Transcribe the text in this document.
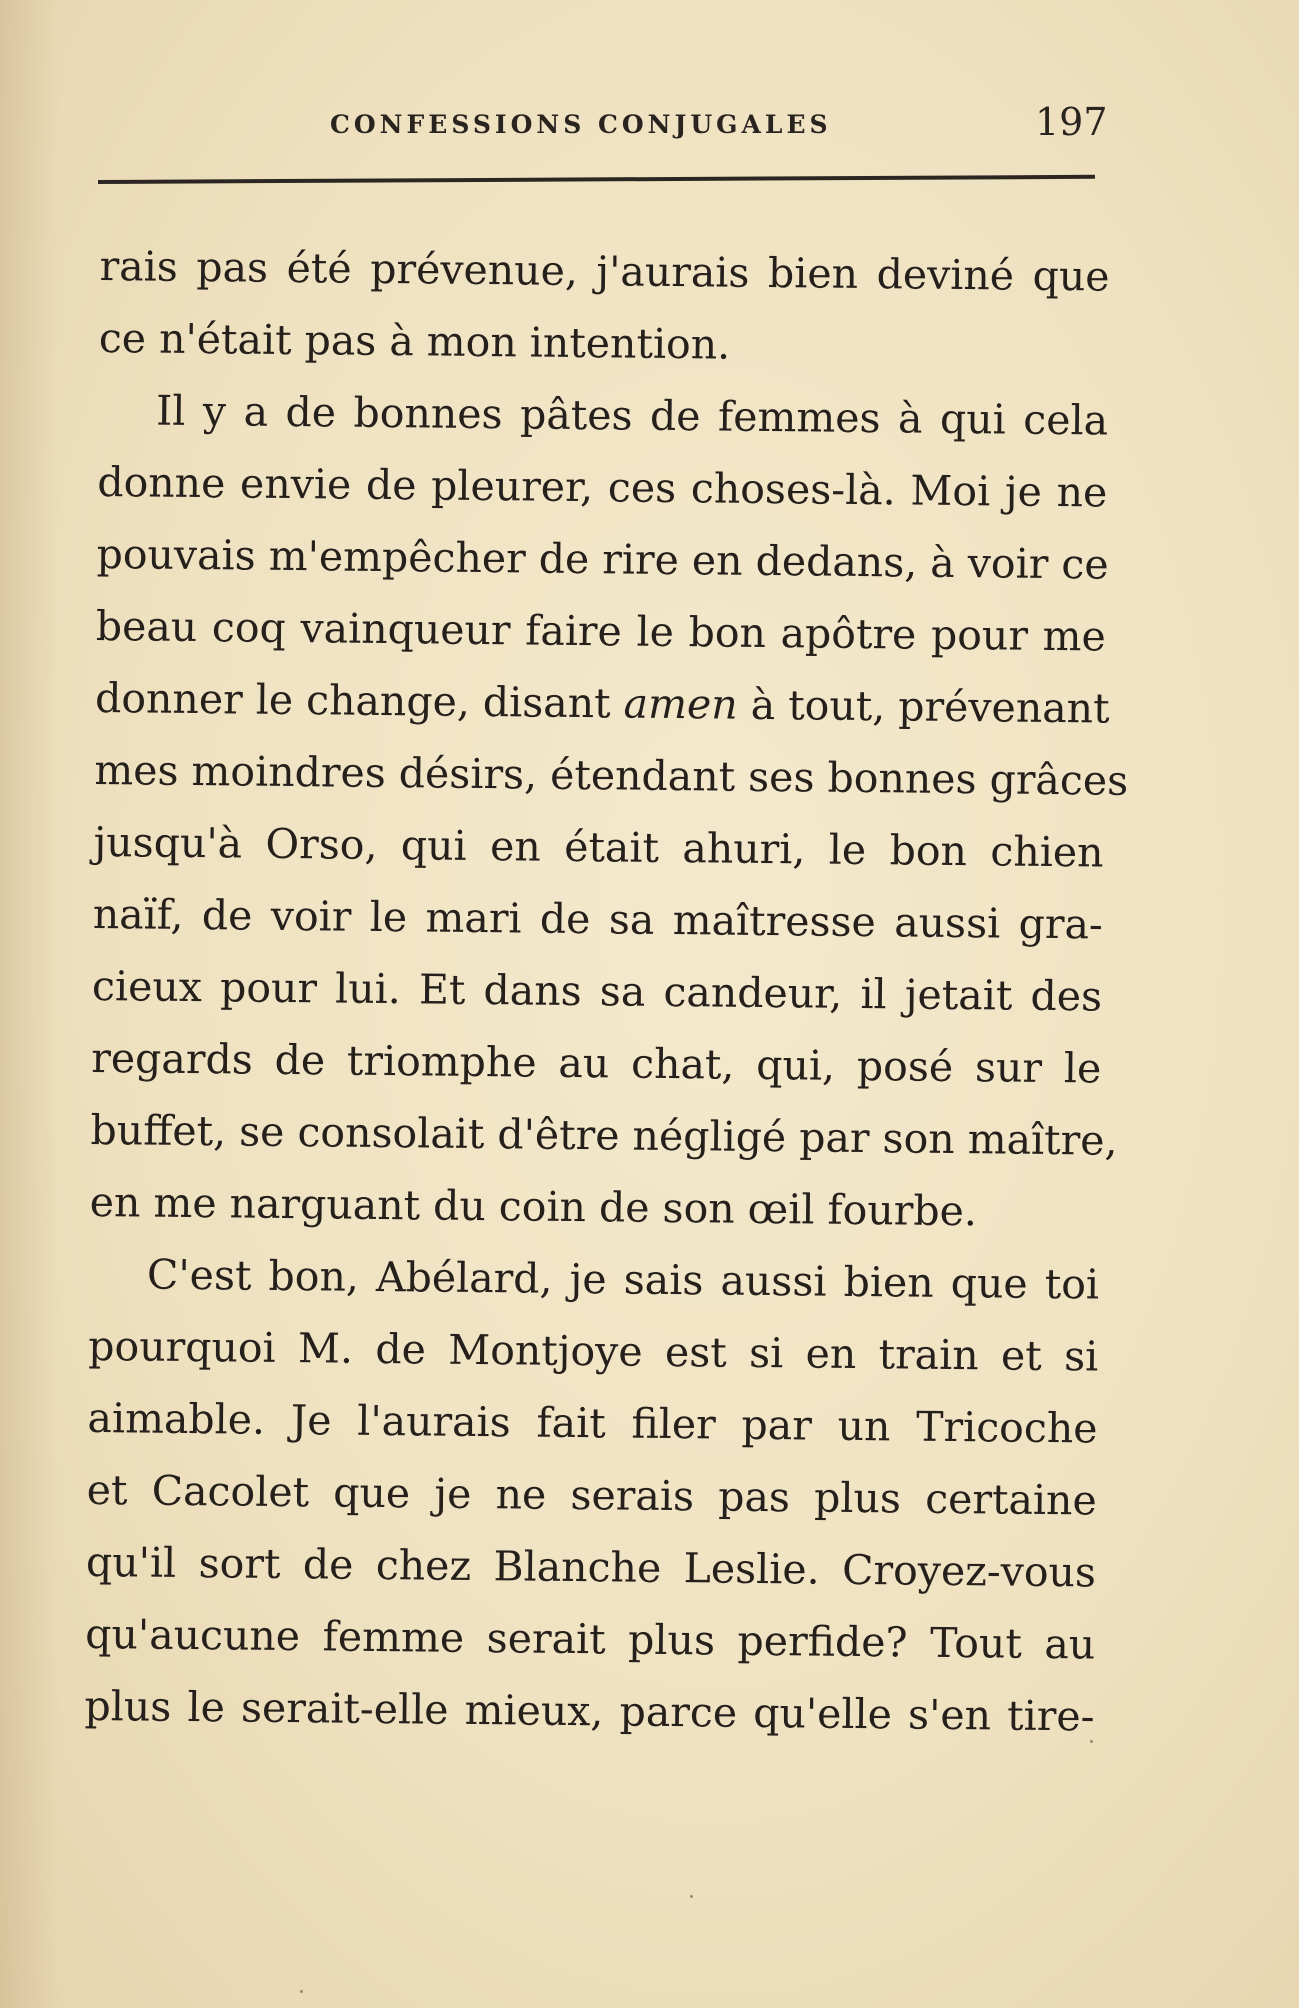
CONFESSIONS CONJUGALES	197
rais pas été prévenue, j'aurais bien deviné que
ce n'était pas à mon intention.
Il y a de bonnes pâtes de femmes à qui cela
donne envie de pleurer, ces choses-là. Moi je ne
pouvais m'empêcher de rire en dedans, à voir ce
beau coq vainqueur faire le bon apôtre pour me
donner le change, disant amen à tout, prévenant
mes moindres désirs, étendant ses bonnes grâces
jusqu'à Orso, qui en était ahuri, le bon chien
naïf, de voir le mari de sa maîtresse aussi gra-
cieux pour lui. Et dans sa candeur, il jetait des
regards de triomphe au chat, qui, posé sur le
buffet, se consolait d'être négligé par son maître,
en me narguant du coin de son œil fourbe.
C'est bon, Abélard, je sais aussi bien que toi
pourquoi M. de Montjoye est si en train et si
aimable. Je l'aurais fait filer par un Tricoche
et Cacolet que je ne serais pas plus certaine
qu'il sort de chez Blanche Leslie. Croyez-vous
qu'aucune femme serait plus perfide? Tout au
plus le serait-elle mieux, parce qu'elle s'en tire-
